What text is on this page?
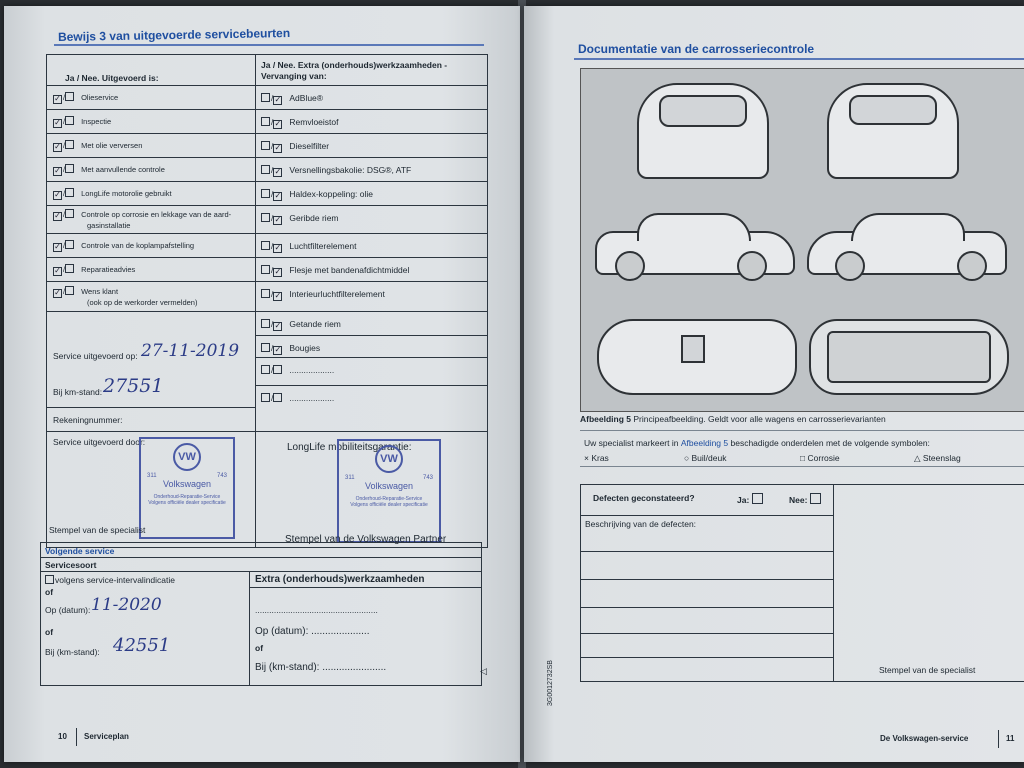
Bewijs 3 van uitgevoerde servicebeurten
Ja / Nee. Uitgevoerd is:
Ja / Nee. Extra (onderhouds)werkzaamheden -
Vervanging van:
✓ / Olieservice
✓ / Inspectie
✓ / Met olie verversen
✓ / Met aanvullende controle
✓ / LongLife motorolie gebruikt
✓ / Controle op corrosie en lekkage van de aard-
gasinstallatie
✓ / Controle van de koplampafstelling
✓ / Reparatieadvies
✓ / Wens klant
(ook op de werkorder vermelden)
/✓ AdBlue®
/✓ Remvloeistof
/✓ Dieselfilter
/✓ Versnellingsbakolie: DSG®, ATF
/✓ Haldex-koppeling: olie
/✓ Geribde riem
/✓ Luchtfilterelement
/✓ Flesje met bandenafdichtmiddel
/✓ Interieurluchtfilterelement
/✓ Getande riem
/✓ Bougies
/ ...................
/ ...................
Service uitgevoerd op: 27-11-2019
Bij km-stand: 27551
Rekeningnummer:
Service uitgevoerd door:	LongLife mobiliteitsgarantie:
VW
311	743
Volkswagen
Onderhoud-Reparatie-Service
Volgens officiële dealer specificatie
VW
311	743
Volkswagen
Onderhoud-Reparatie-Service
Volgens officiële dealer specificatie
Stempel van de specialist
Stempel van de Volkswagen Partner
Volgende service
Servicesoort
volgens service-intervalindicatie
of
Op (datum): 11-2020
of
Bij (km-stand): 42551
Extra (onderhouds)werkzaamheden
....................................................
Op (datum): .....................
of
Bij (km-stand): .......................	◁
10 Serviceplan
Documentatie van de carrosseriecontrole
Afbeelding 5 Principeafbeelding. Geldt voor alle wagens en carrosserievarianten
Uw specialist markeert in Afbeelding 5 beschadigde onderdelen met de volgende symbolen:
× Kras	○ Buil/deuk	□ Corrosie	△ Steenslag
Defecten geconstateerd?	Ja:	Nee:
Beschrijving van de defecten:
Stempel van de specialist
3G0012732SB
De Volkswagen-service	11
